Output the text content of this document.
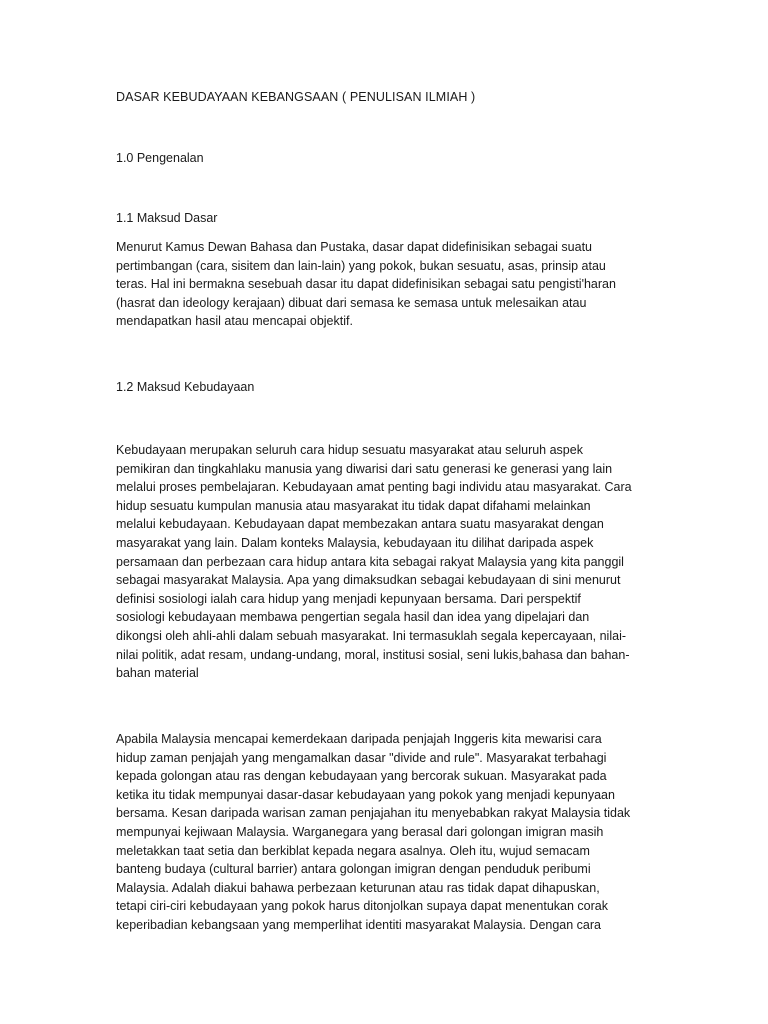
DASAR KEBUDAYAAN KEBANGSAAN ( PENULISAN ILMIAH )
1.0 Pengenalan
1.1 Maksud Dasar
Menurut Kamus Dewan Bahasa dan Pustaka, dasar dapat didefinisikan sebagai suatu
pertimbangan (cara, sisitem dan lain-lain) yang pokok, bukan sesuatu, asas, prinsip atau
teras. Hal ini bermakna sesebuah dasar itu dapat didefinisikan sebagai satu pengisti'haran
(hasrat dan ideology kerajaan) dibuat dari semasa ke semasa untuk melesaikan atau
mendapatkan hasil atau mencapai objektif.
1.2 Maksud Kebudayaan
Kebudayaan merupakan seluruh cara hidup sesuatu masyarakat atau seluruh aspek
pemikiran dan tingkahlaku manusia yang diwarisi dari satu generasi ke generasi yang lain
melalui proses pembelajaran. Kebudayaan amat penting bagi individu atau masyarakat. Cara
hidup sesuatu kumpulan manusia atau masyarakat itu tidak dapat difahami melainkan
melalui kebudayaan. Kebudayaan dapat membezakan antara suatu masyarakat dengan
masyarakat yang lain. Dalam konteks Malaysia, kebudayaan itu dilihat daripada aspek
persamaan dan perbezaan cara hidup antara kita sebagai rakyat Malaysia yang kita panggil
sebagai masyarakat Malaysia. Apa yang dimaksudkan sebagai kebudayaan di sini menurut
definisi sosiologi ialah cara hidup yang menjadi kepunyaan bersama. Dari perspektif
sosiologi kebudayaan membawa pengertian segala hasil dan idea yang dipelajari dan
dikongsi oleh ahli-ahli dalam sebuah masyarakat. Ini termasuklah segala kepercayaan, nilai-
nilai politik, adat resam, undang-undang, moral, institusi sosial, seni lukis,bahasa dan bahan-
bahan material
Apabila Malaysia mencapai kemerdekaan daripada penjajah Inggeris kita mewarisi cara
hidup zaman penjajah yang mengamalkan dasar "divide and rule". Masyarakat terbahagi
kepada golongan atau ras dengan kebudayaan yang bercorak sukuan. Masyarakat pada
ketika itu tidak mempunyai dasar-dasar kebudayaan yang pokok yang menjadi kepunyaan
bersama. Kesan daripada warisan zaman penjajahan itu menyebabkan rakyat Malaysia tidak
mempunyai kejiwaan Malaysia. Warganegara yang berasal dari golongan imigran masih
meletakkan taat setia dan berkiblat kepada negara asalnya. Oleh itu, wujud semacam
banteng budaya (cultural barrier) antara golongan imigran dengan penduduk peribumi
Malaysia. Adalah diakui bahawa perbezaan keturunan atau ras tidak dapat dihapuskan,
tetapi ciri-ciri kebudayaan yang pokok harus ditonjolkan supaya dapat menentukan corak
keperibadian kebangsaan yang memperlihat identiti masyarakat Malaysia. Dengan cara
